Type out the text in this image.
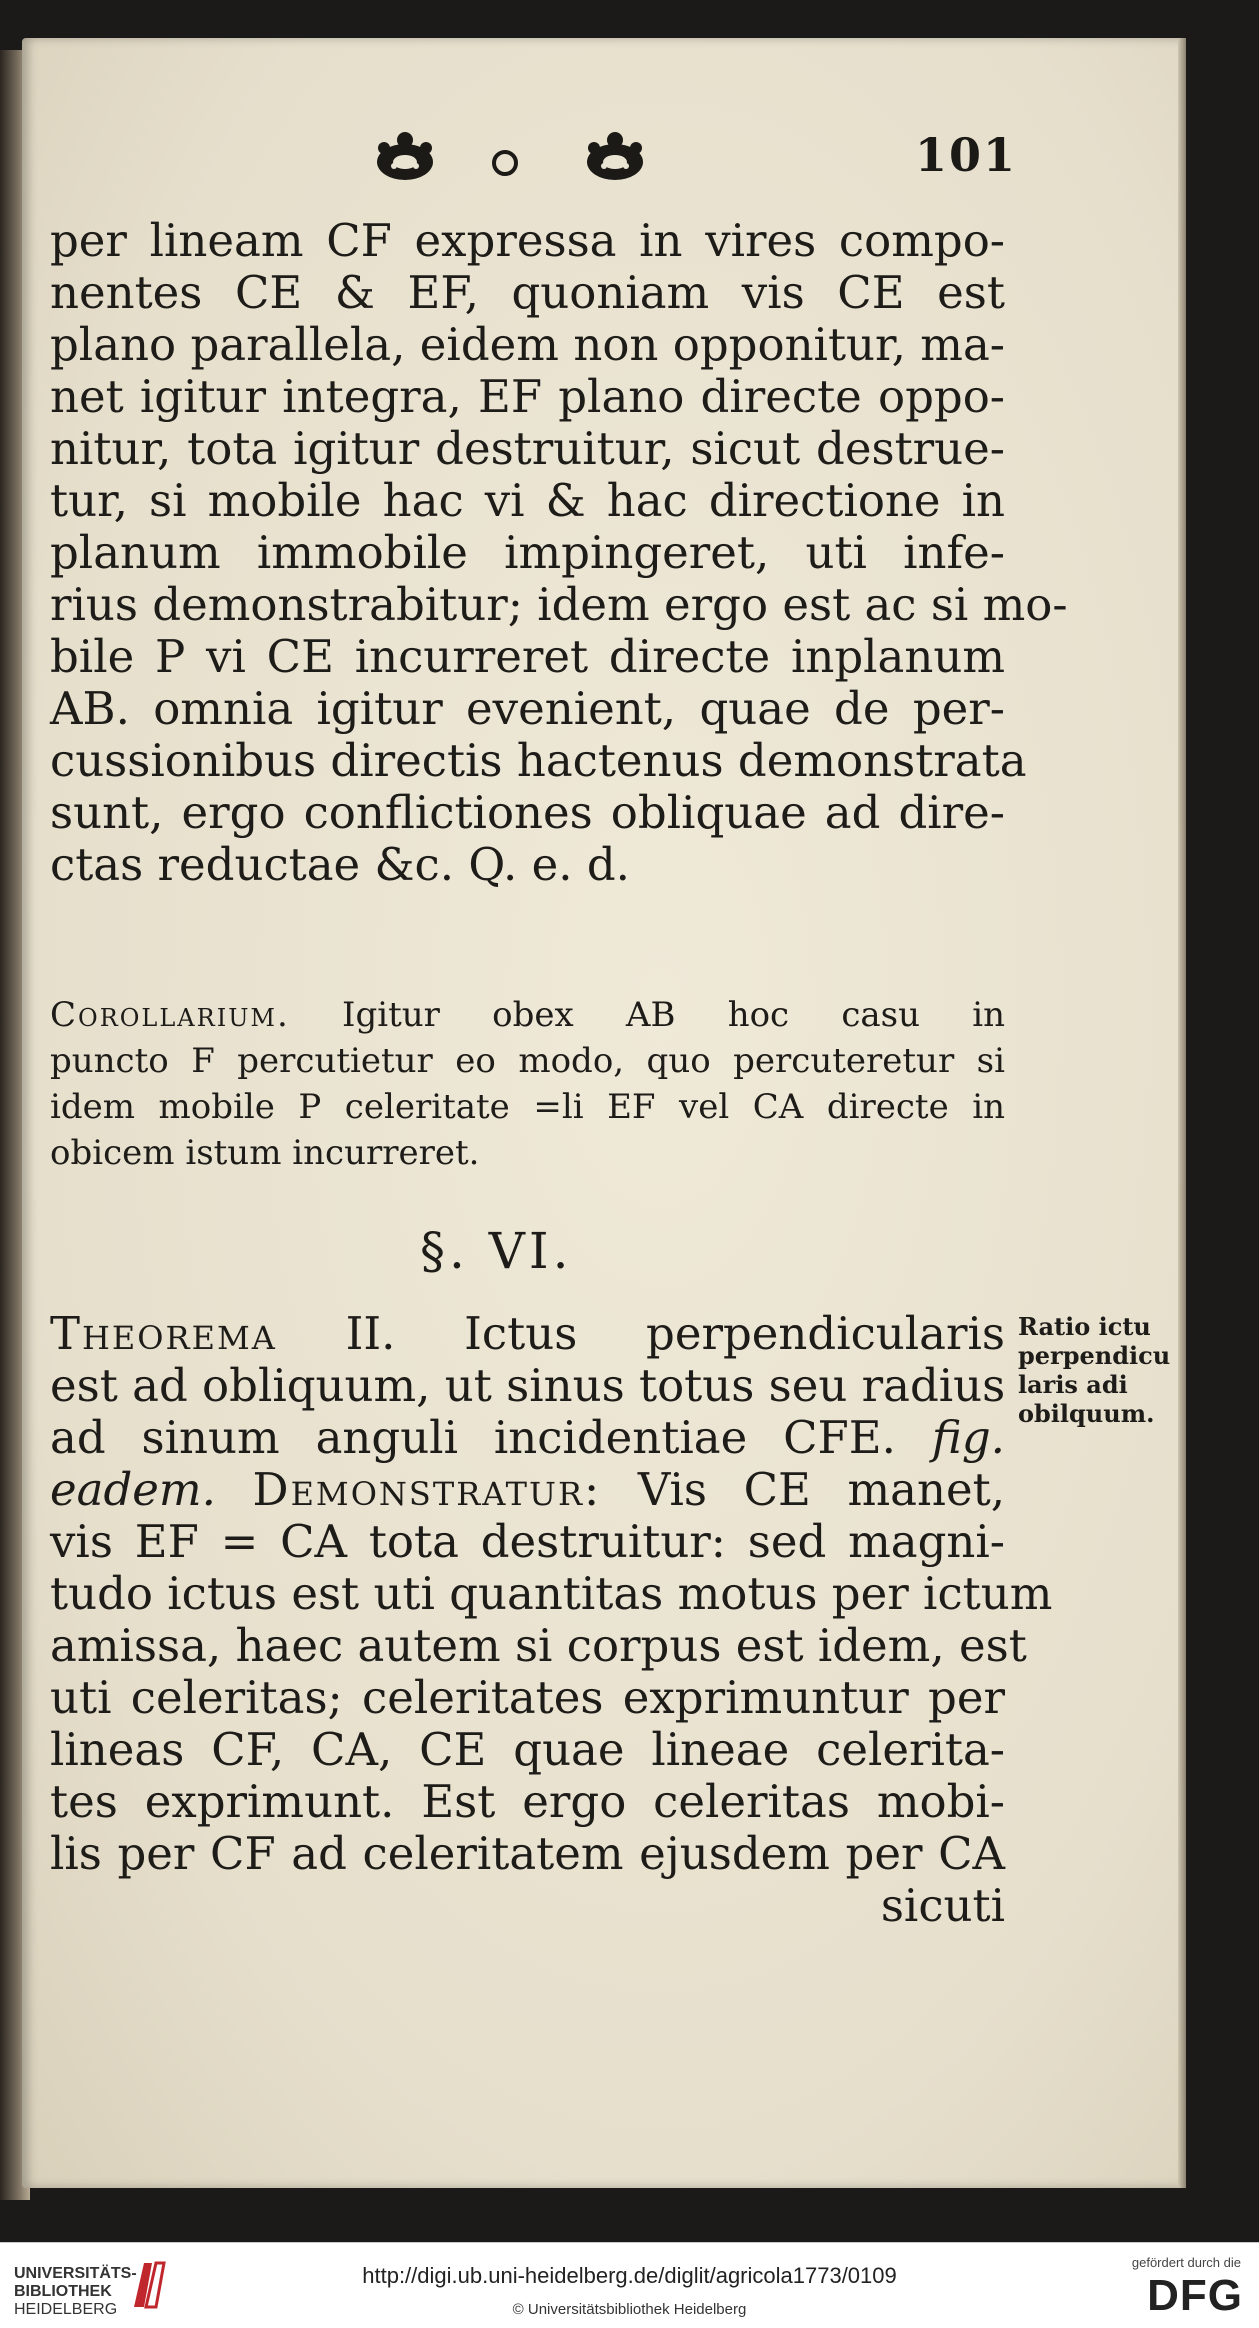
101
per lineam CF expressa in vires compo-
nentes CE & EF, quoniam vis CE est
plano parallela, eidem non opponitur, ma-
net igitur integra, EF plano directe oppo-
nitur, tota igitur destruitur, sicut destrue-
tur, si mobile hac vi & hac directione in
planum immobile impingeret, uti infe-
rius demonstrabitur; idem ergo est ac si mo-
bile P vi CE incurreret directe inplanum
AB. omnia igitur evenient, quae de per-
cussionibus directis hactenus demonstrata
sunt, ergo conflictiones obliquae ad dire-
ctas reductae &c. Q. e. d.
Corollarium. Igitur obex AB hoc casu in
puncto F percutietur eo modo, quo percuteretur si
idem mobile P celeritate =li EF vel CA directe in
obicem istum incurreret.
§. VI.
Theorema II. Ictus perpendicularis
est ad obliquum, ut sinus totus seu radius
ad sinum anguli incidentiae CFE. fig.
eadem. Demonstratur: Vis CE manet,
vis EF = CA tota destruitur: sed magni-
tudo ictus est uti quantitas motus per ictum
amissa, haec autem si corpus est idem, est
uti celeritas; celeritates exprimuntur per
lineas CF, CA, CE quae lineae celerita-
tes exprimunt. Est ergo celeritas mobi-
lis per CF ad celeritatem ejusdem per CA
sicuti
Ratio ictu
perpendicu
laris adi
obilquum.
UNIVERSITÄTS-
BIBLIOTHEK
HEIDELBERG
http://digi.ub.uni-heidelberg.de/diglit/agricola1773/0109
© Universitätsbibliothek Heidelberg
gefördert durch die
DFG
